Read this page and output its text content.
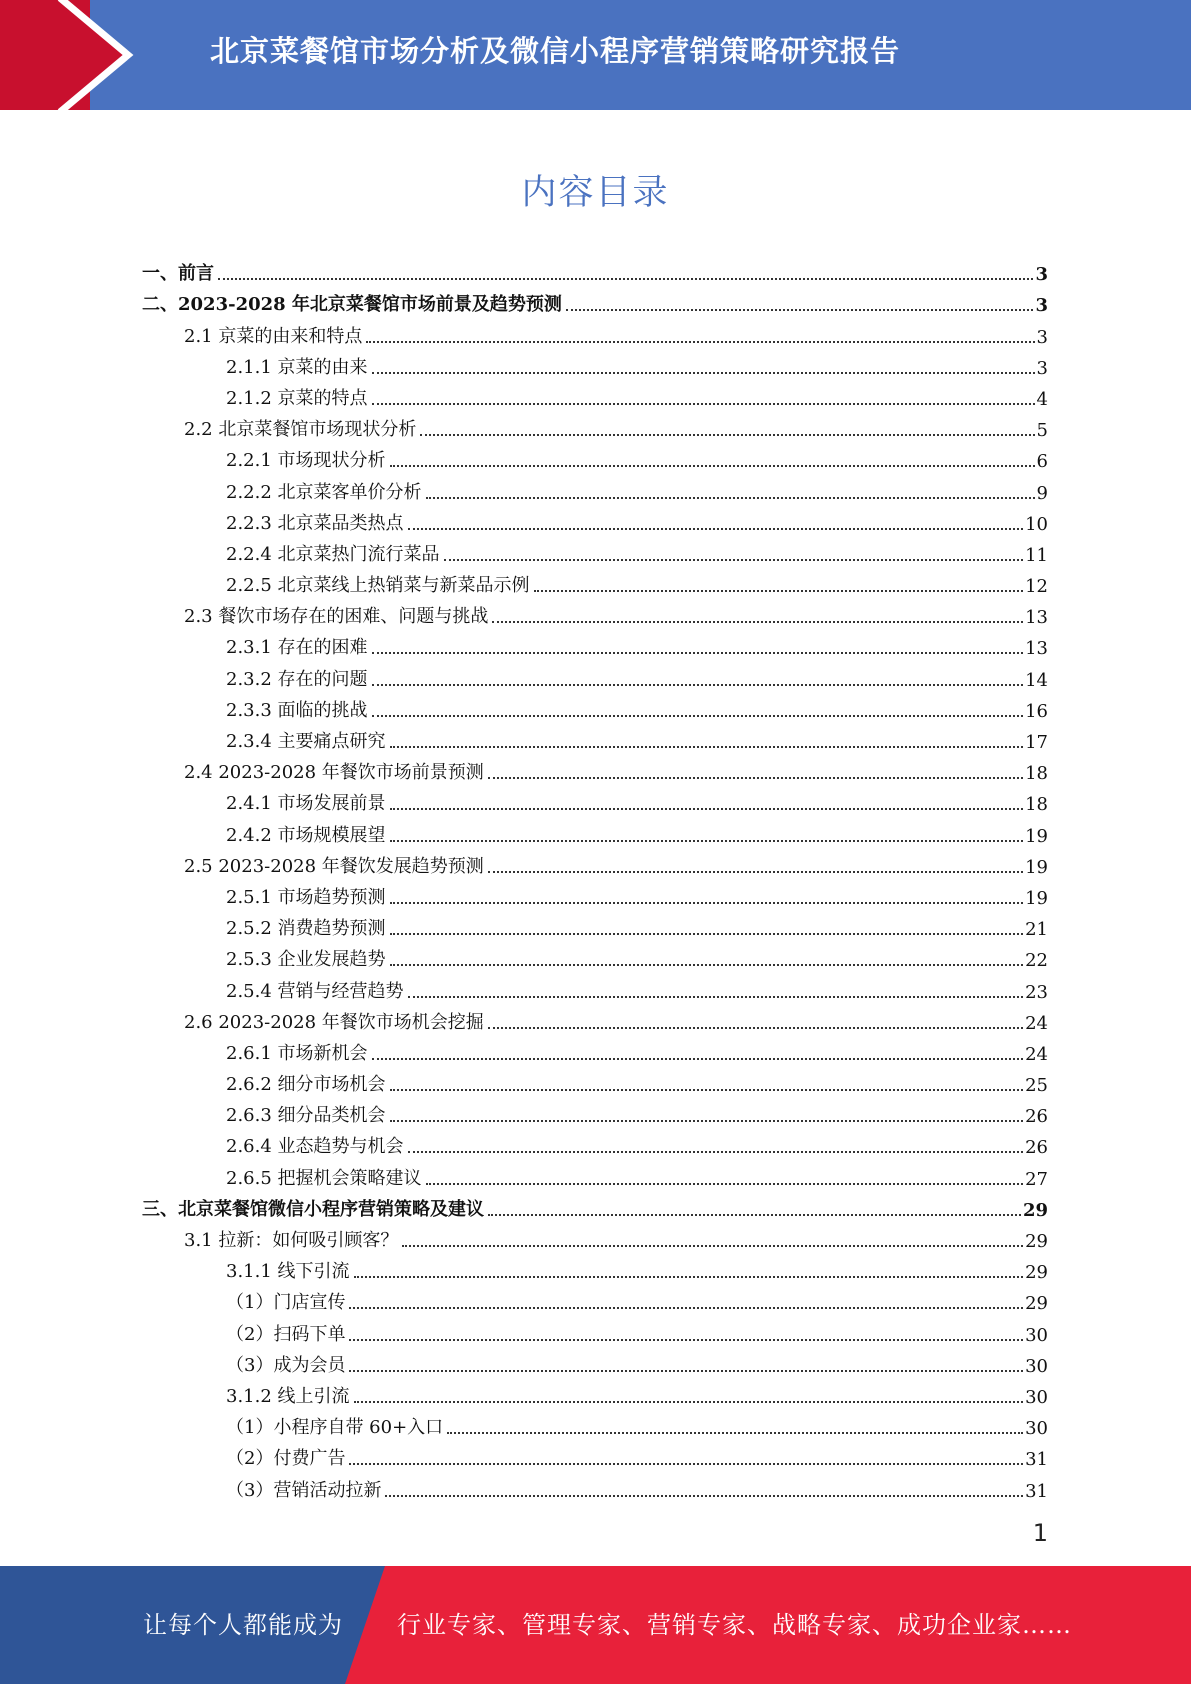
北京菜餐馆市场分析及微信小程序营销策略研究报告
内容目录
一、前言	3
二、2023-2028 年北京菜餐馆市场前景及趋势预测	3
2.1 京菜的由来和特点	3
2.1.1 京菜的由来	3
2.1.2 京菜的特点	4
2.2 北京菜餐馆市场现状分析	5
2.2.1 市场现状分析	6
2.2.2 北京菜客单价分析	9
2.2.3 北京菜品类热点	10
2.2.4 北京菜热门流行菜品	11
2.2.5 北京菜线上热销菜与新菜品示例	12
2.3 餐饮市场存在的困难、问题与挑战	13
2.3.1 存在的困难	13
2.3.2 存在的问题	14
2.3.3 面临的挑战	16
2.3.4 主要痛点研究	17
2.4 2023-2028 年餐饮市场前景预测	18
2.4.1 市场发展前景	18
2.4.2 市场规模展望	19
2.5 2023-2028 年餐饮发展趋势预测	19
2.5.1 市场趋势预测	19
2.5.2 消费趋势预测	21
2.5.3 企业发展趋势	22
2.5.4 营销与经营趋势	23
2.6 2023-2028 年餐饮市场机会挖掘	24
2.6.1 市场新机会	24
2.6.2 细分市场机会	25
2.6.3 细分品类机会	26
2.6.4 业态趋势与机会	26
2.6.5 把握机会策略建议	27
三、北京菜餐馆微信小程序营销策略及建议	29
3.1 拉新：如何吸引顾客？	29
3.1.1 线下引流	29
（1）门店宣传	29
（2）扫码下单	30
（3）成为会员	30
3.1.2 线上引流	30
（1）小程序自带 60+入口	30
（2）付费广告	31
（3）营销活动拉新	31
1
让每个人都能成为 行业专家、管理专家、营销专家、战略专家、成功企业家……
